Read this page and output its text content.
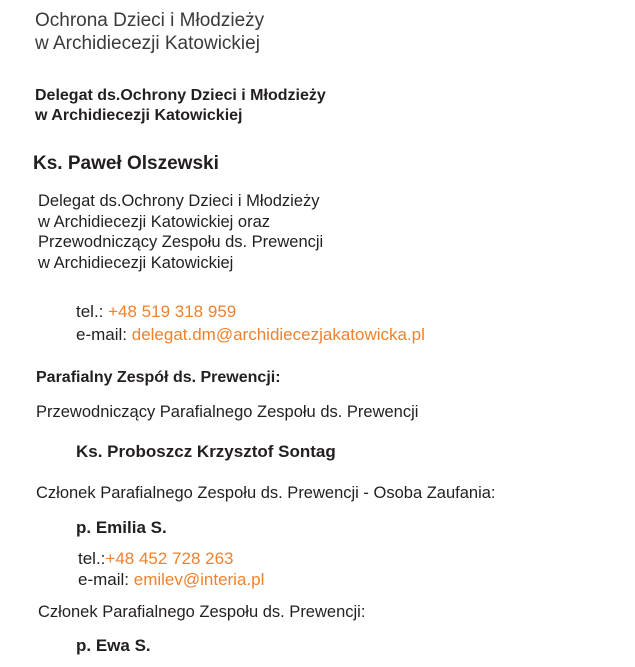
Ochrona Dzieci i Młodzieży
w Archidiecezji Katowickiej
Delegat ds.Ochrony Dzieci i Młodzieży
w Archidiecezji Katowickiej
Ks. Paweł Olszewski
Delegat ds.Ochrony Dzieci i Młodzieży
w Archidiecezji Katowickiej oraz
Przewodniczący Zespołu ds. Prewencji
w Archidiecezji Katowickiej
tel.: +48 519 318 959
e-mail: delegat.dm@archidiecezjakatowicka.pl
Parafialny Zespół ds. Prewencji:
Przewodniczący Parafialnego Zespołu ds. Prewencji
Ks. Proboszcz Krzysztof Sontag
Członek Parafialnego Zespołu ds. Prewencji - Osoba Zaufania:
p. Emilia S.
tel.:+48 452 728 263
e-mail: emilev@interia.pl
Członek Parafialnego Zespołu ds. Prewencji:
p. Ewa S.
